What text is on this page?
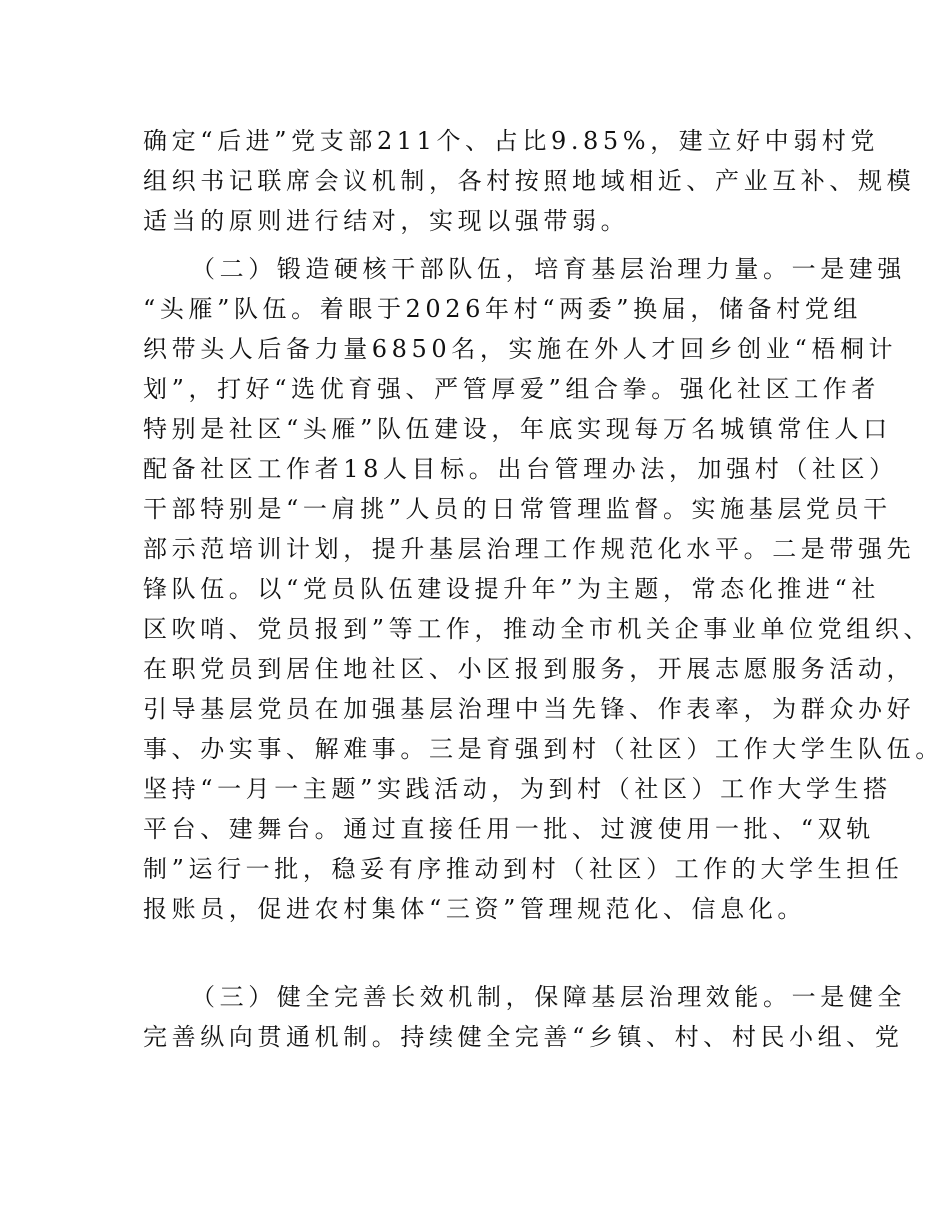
确定“后进”党支部211个、占比9.85%，建立好中弱村党
组织书记联席会议机制，各村按照地域相近、产业互补、规模
适当的原则进行结对，实现以强带弱。
（二）锻造硬核干部队伍，培育基层治理力量。一是建强
“头雁”队伍。着眼于2026年村“两委”换届，储备村党组
织带头人后备力量6850名，实施在外人才回乡创业“梧桐计
划”，打好“选优育强、严管厚爱”组合拳。强化社区工作者
特别是社区“头雁”队伍建设，年底实现每万名城镇常住人口
配备社区工作者18人目标。出台管理办法，加强村（社区）
干部特别是“一肩挑”人员的日常管理监督。实施基层党员干
部示范培训计划，提升基层治理工作规范化水平。二是带强先
锋队伍。以“党员队伍建设提升年”为主题，常态化推进“社
区吹哨、党员报到”等工作，推动全市机关企事业单位党组织、
在职党员到居住地社区、小区报到服务，开展志愿服务活动，
引导基层党员在加强基层治理中当先锋、作表率，为群众办好
事、办实事、解难事。三是育强到村（社区）工作大学生队伍。
坚持“一月一主题”实践活动，为到村（社区）工作大学生搭
平台、建舞台。通过直接任用一批、过渡使用一批、“双轨
制”运行一批，稳妥有序推动到村（社区）工作的大学生担任
报账员，促进农村集体“三资”管理规范化、信息化。
（三）健全完善长效机制，保障基层治理效能。一是健全
完善纵向贯通机制。持续健全完善“乡镇、村、村民小组、党
